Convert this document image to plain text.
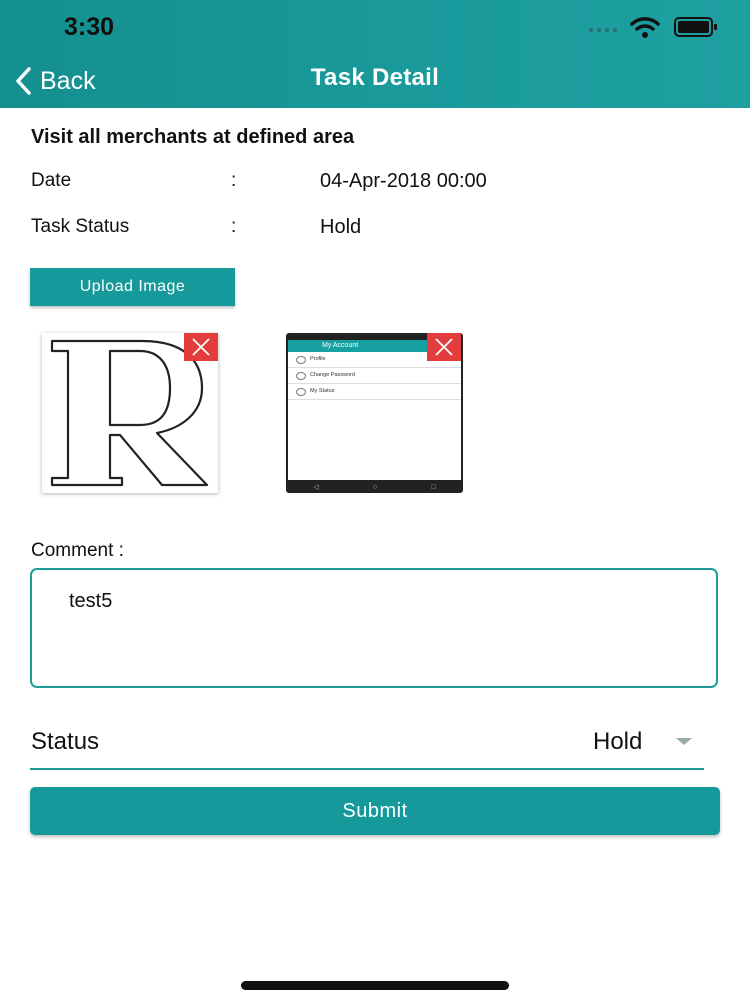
3:30
Back	Task Detail
Visit all merchants at defined area
Date	:	04-Apr-2018 00:00
Task Status	:	Hold
Upload Image
My Account
Profile
Change Password
My Status
◁	○	□
Comment :
test5
Status	Hold
Submit
